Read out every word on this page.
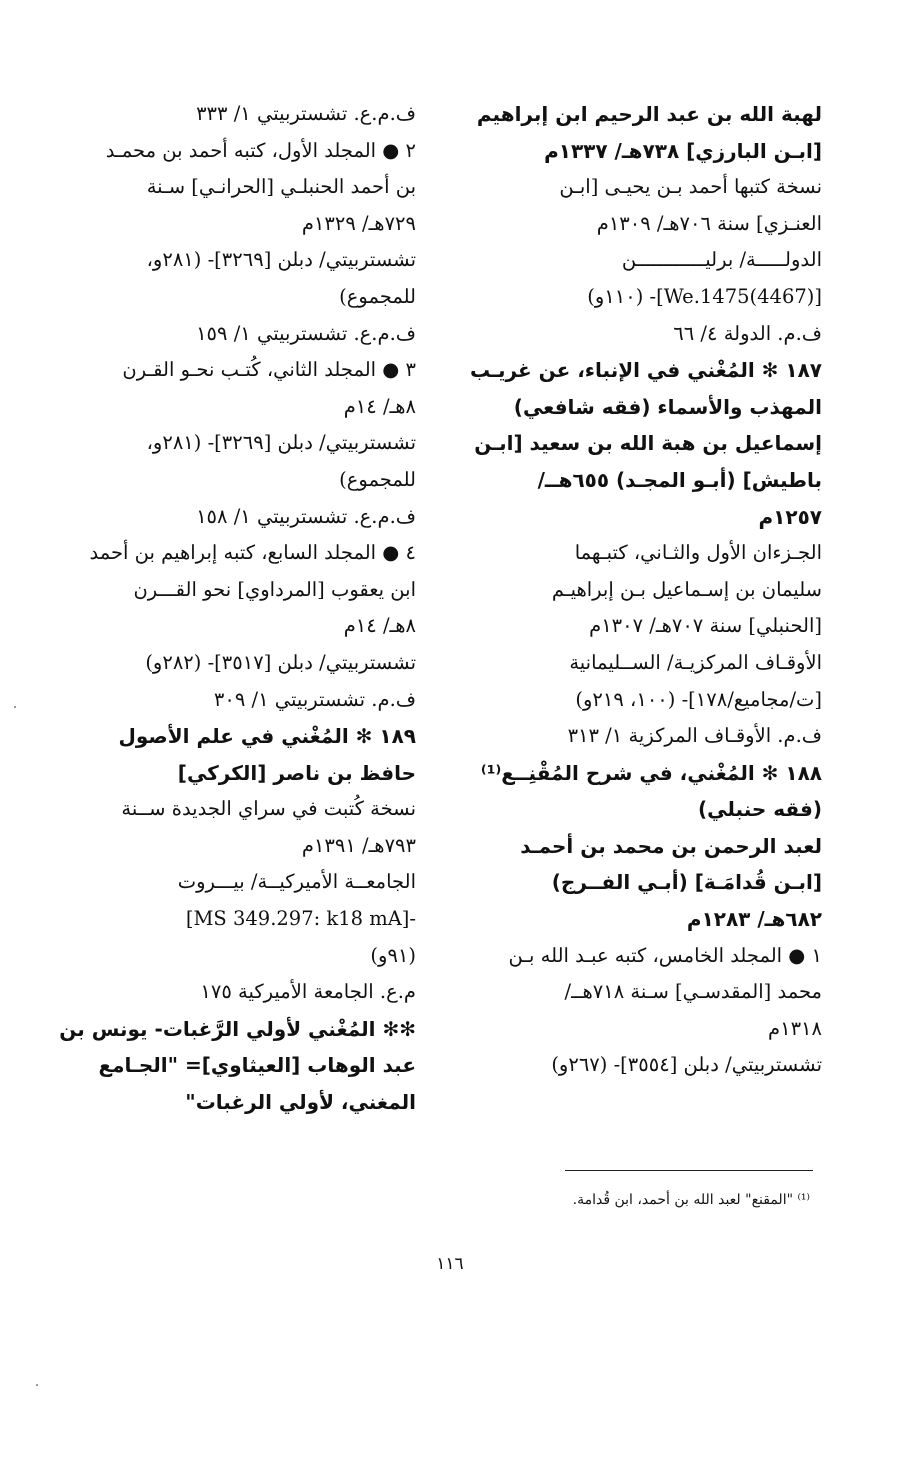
لهبة الله بن عبد الرحيم ابن إبراهيم
[ابـن البارزي] ٧٣٨هـ/ ١٣٣٧م
نسخة كتبها أحمد بـن يحيـى [ابـن
العنـزي] سنة ٧٠٦هـ/ ١٣٠٩م
الدولـــــة/ برليــــــــــــن
[(4467)We.1475]- (١١٠و)
ف.م. الدولة ٤/ ٦٦
١٨٧ ✻ المُغْني في الإنباء، عن غريـب
المهذب والأسماء (فقه شافعي)
إسماعيل بن هبة الله بن سعيد [ابـن
باطيش] (أبـو المجـد) ٦٥٥هــ/
١٢٥٧م
الجـزءان الأول والثـاني، كتبـهما
سليمان بن إسـماعيل بـن إبراهيـم
[الحنبلي] سنة ٧٠٧هـ/ ١٣٠٧م
الأوقـاف المركزيـة/ الســليمانية
[ت/مجاميع/١٧٨]- (١٠٠، ٢١٩و)
ف.م. الأوقـاف المركزية ١/ ٣١٣
١٨٨ ✻ المُغْني، في شرح المُقْنِــع⁽¹⁾
(فقه حنبلي)
لعبد الرحمن بن محمد بن أحمـد
[ابـن قُدامَـة] (أبـي الفــرج)
٦٨٢هـ/ ١٢٨٣م
١ ● المجلد الخامس، كتبه عبـد الله بـن
محمد [المقدسـي] سـنة ٧١٨هــ/
١٣١٨م
تشستربيتي/ دبلن [٣٥٥٤]- (٢٦٧و)
ف.م.ع. تشستربيتي ١/ ٣٣٣
٢ ● المجلد الأول، كتبه أحمد بن محمـد
بن أحمد الحنبلـي [الحرانـي] سـنة
٧٢٩هـ/ ١٣٢٩م
تشستربيتي/ دبلن [٣٢٦٩]- (٢٨١و،
للمجموع)
ف.م.ع. تشستربيتي ١/ ١٥٩
٣ ● المجلد الثاني، كُتـب نحـو القـرن
٨هـ/ ١٤م
تشستربيتي/ دبلن [٣٢٦٩]- (٢٨١و،
للمجموع)
ف.م.ع. تشستربيتي ١/ ١٥٨
٤ ● المجلد السابع، كتبه إبراهيم بن أحمد
ابن يعقوب [المرداوي] نحو القـــرن
٨هـ/ ١٤م
تشستربيتي/ دبلن [٣٥١٧]- (٢٨٢و)
ف.م. تشستربيتي ١/ ٣٠٩
١٨٩ ✻ المُغْني في علم الأصول
حافظ بن ناصر [الكركي]
نسخة كُتبت في سراي الجديدة ســنة
٧٩٣هـ/ ١٣٩١م
الجامعــة الأميركيــة/ بيـــروت
-[MS 349.297: k18 mA]
(٩١و)
م.ع. الجامعة الأميركية ١٧٥
✻✻ المُغْني لأولي الرَّغبات- يونس بن
عبد الوهاب [العيثاوي]= "الجـامع
المغني، لأولي الرغبات"
⁽¹⁾ "المقنع" لعبد الله بن أحمد، ابن قُدامة.
١١٦
